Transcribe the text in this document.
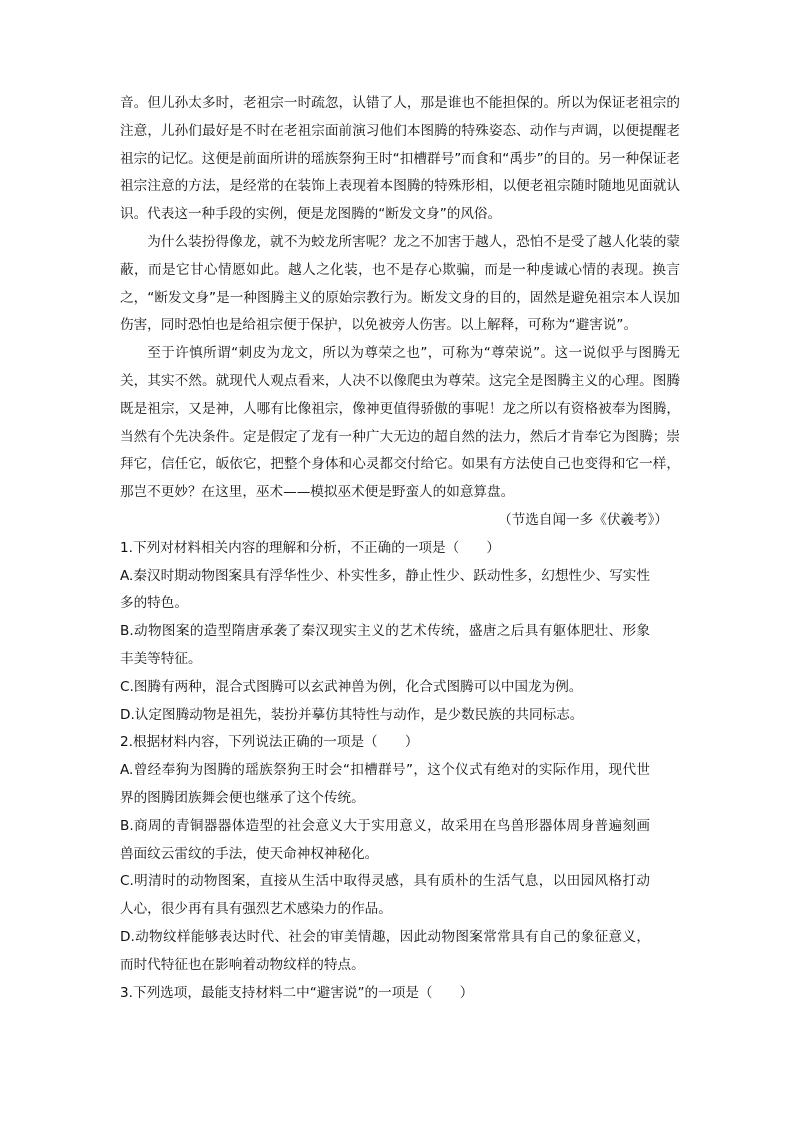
音。但儿孙太多时，老祖宗一时疏忽，认错了人，那是谁也不能担保的。所以为保证老祖宗的注意，儿孙们最好是不时在老祖宗面前演习他们本图腾的特殊姿态、动作与声调，以便提醒老祖宗的记忆。这便是前面所讲的瑶族祭狗王时“扣槽群号”而食和“禹步”的目的。另一种保证老祖宗注意的方法，是经常的在装饰上表现着本图腾的特殊形相，以便老祖宗随时随地见面就认识。代表这一种手段的实例，便是龙图腾的“断发文身”的风俗。

为什么装扮得像龙，就不为蛟龙所害呢？龙之不加害于越人，恐怕不是受了越人化装的蒙蔽，而是它甘心情愿如此。越人之化装，也不是存心欺骗，而是一种虔诚心情的表现。换言之，“断发文身”是一种图腾主义的原始宗教行为。断发文身的目的，固然是避免祖宗本人误加伤害，同时恐怕也是给祖宗便于保护，以免被旁人伤害。以上解释，可称为“避害说”。

至于许慎所谓“刺皮为龙文，所以为尊荣之也”，可称为“尊荣说”。这一说似乎与图腾无关，其实不然。就现代人观点看来，人决不以像爬虫为尊荣。这完全是图腾主义的心理。图腾既是祖宗，又是神，人哪有比像祖宗，像神更值得骄傲的事呢！龙之所以有资格被奉为图腾，当然有个先决条件。定是假定了龙有一种广大无边的超自然的法力，然后才肯奉它为图腾；崇拜它，信任它，皈依它，把整个身体和心灵都交付给它。如果有方法使自己也变得和它一样，那岂不更妙？在这里，巫术——模拟巫术便是野蛮人的如意算盘。

（节选自闻一多《伏羲考》）

1.下列对材料相关内容的理解和分析，不正确的一项是（　　）

A.秦汉时期动物图案具有浮华性少、朴实性多，静止性少、跃动性多，幻想性少、写实性多的特色。

B.动物图案的造型隋唐承袭了秦汉现实主义的艺术传统，盛唐之后具有躯体肥壮、形象丰美等特征。

C.图腾有两种，混合式图腾可以玄武神兽为例，化合式图腾可以中国龙为例。

D.认定图腾动物是祖先，装扮并摹仿其特性与动作，是少数民族的共同标志。

2.根据材料内容，下列说法正确的一项是（　　）

A.曾经奉狗为图腾的瑶族祭狗王时会“扣槽群号”，这个仪式有绝对的实际作用，现代世界的图腾团族舞会便也继承了这个传统。

B.商周的青铜器器体造型的社会意义大于实用意义，故采用在鸟兽形器体周身普遍刻画兽面纹云雷纹的手法，使天命神权神秘化。

C.明清时的动物图案，直接从生活中取得灵感，具有质朴的生活气息，以田园风格打动人心，很少再有具有强烈艺术感染力的作品。

D.动物纹样能够表达时代、社会的审美情趣，因此动物图案常常具有自己的象征意义，而时代特征也在影响着动物纹样的特点。

3.下列选项，最能支持材料二中“避害说”的一项是（　　）
